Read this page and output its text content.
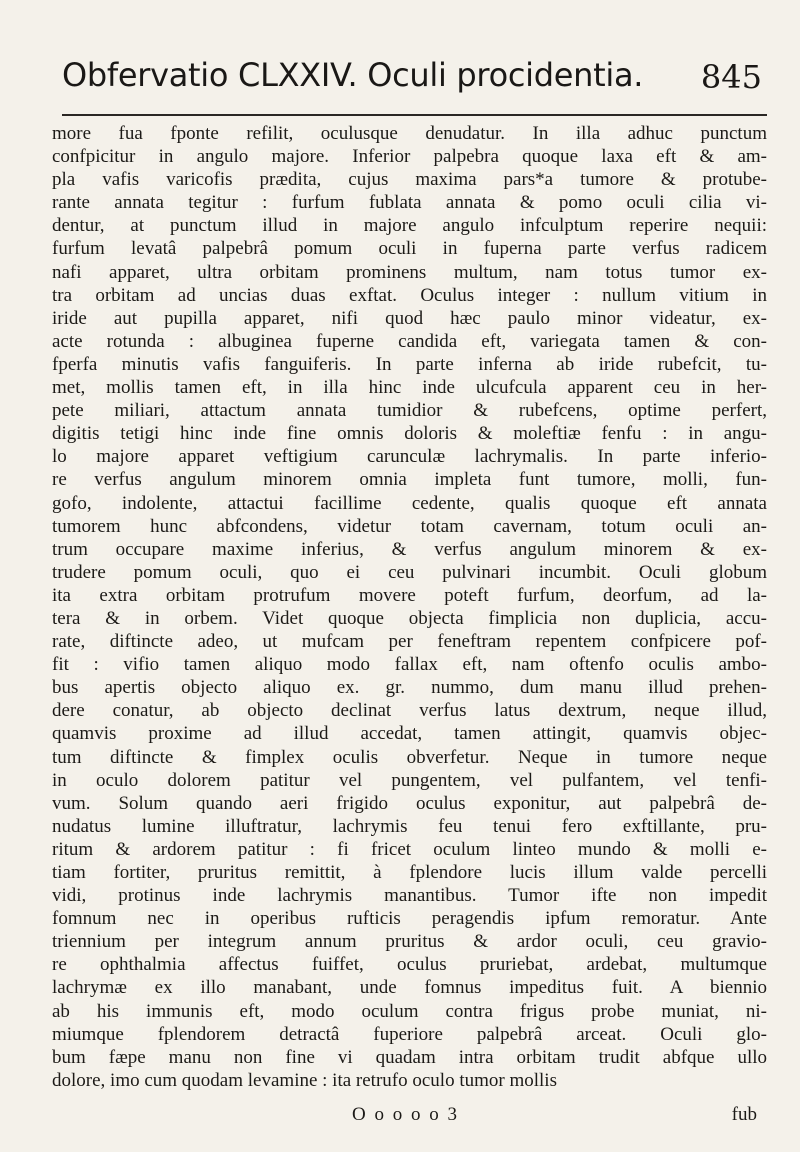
Obfervatio CLXXIV. Oculi procidentia. 845
more fua fponte refilit, oculusque denudatur. In illa adhuc punctum
confpicitur in angulo majore. Inferior palpebra quoque laxa eft & am-
pla vafis varicofis prædita, cujus maxima pars*a tumore & protube-
rante annata tegitur : furfum fublata annata & pomo oculi cilia vi-
dentur, at punctum illud in majore angulo infculptum reperire nequii:
furfum levatâ palpebrâ pomum oculi in fuperna parte verfus radicem
nafi apparet, ultra orbitam prominens multum, nam totus tumor ex-
tra orbitam ad uncias duas exftat. Oculus integer : nullum vitium in
iride aut pupilla apparet, nifi quod hæc paulo minor videatur, ex-
acte rotunda : albuginea fuperne candida eft, variegata tamen & con-
fperfa minutis vafis fanguiferis. In parte inferna ab iride rubefcit, tu-
met, mollis tamen eft, in illa hinc inde ulcufcula apparent ceu in her-
pete miliari, attactum annata tumidior & rubefcens, optime perfert,
digitis tetigi hinc inde fine omnis doloris & moleftiæ fenfu : in angu-
lo majore apparet veftigium carunculæ lachrymalis. In parte inferio-
re verfus angulum minorem omnia impleta funt tumore, molli, fun-
gofo, indolente, attactui facillime cedente, qualis quoque eft annata
tumorem hunc abfcondens, videtur totam cavernam, totum oculi an-
trum occupare maxime inferius, & verfus angulum minorem & ex-
trudere pomum oculi, quo ei ceu pulvinari incumbit. Oculi globum
ita extra orbitam protrufum movere poteft furfum, deorfum, ad la-
tera & in orbem. Videt quoque objecta fimplicia non duplicia, accu-
rate, diftincte adeo, ut mufcam per feneftram repentem confpicere pof-
fit : vifio tamen aliquo modo fallax eft, nam oftenfo oculis ambo-
bus apertis objecto aliquo ex. gr. nummo, dum manu illud prehen-
dere conatur, ab objecto declinat verfus latus dextrum, neque illud,
quamvis proxime ad illud accedat, tamen attingit, quamvis objec-
tum diftincte & fimplex oculis obverfetur. Neque in tumore neque
in oculo dolorem patitur vel pungentem, vel pulfantem, vel tenfi-
vum. Solum quando aeri frigido oculus exponitur, aut palpebrâ de-
nudatus lumine illuftratur, lachrymis feu tenui fero exftillante, pru-
ritum & ardorem patitur : fi fricet oculum linteo mundo & molli e-
tiam fortiter, pruritus remittit, à fplendore lucis illum valde percelli
vidi, protinus inde lachrymis manantibus. Tumor ifte non impedit
fomnum nec in operibus rufticis peragendis ipfum remoratur. Ante
triennium per integrum annum pruritus & ardor oculi, ceu gravio-
re ophthalmia affectus fuiffet, oculus pruriebat, ardebat, multumque
lachrymæ ex illo manabant, unde fomnus impeditus fuit. A biennio
ab his immunis eft, modo oculum contra frigus probe muniat, ni-
miumque fplendorem detractâ fuperiore palpebrâ arceat. Oculi glo-
bum fæpe manu non fine vi quadam intra orbitam trudit abfque ullo
dolore, imo cum quodam levamine : ita retrufo oculo tumor mollis
O o o o o 3	fub
